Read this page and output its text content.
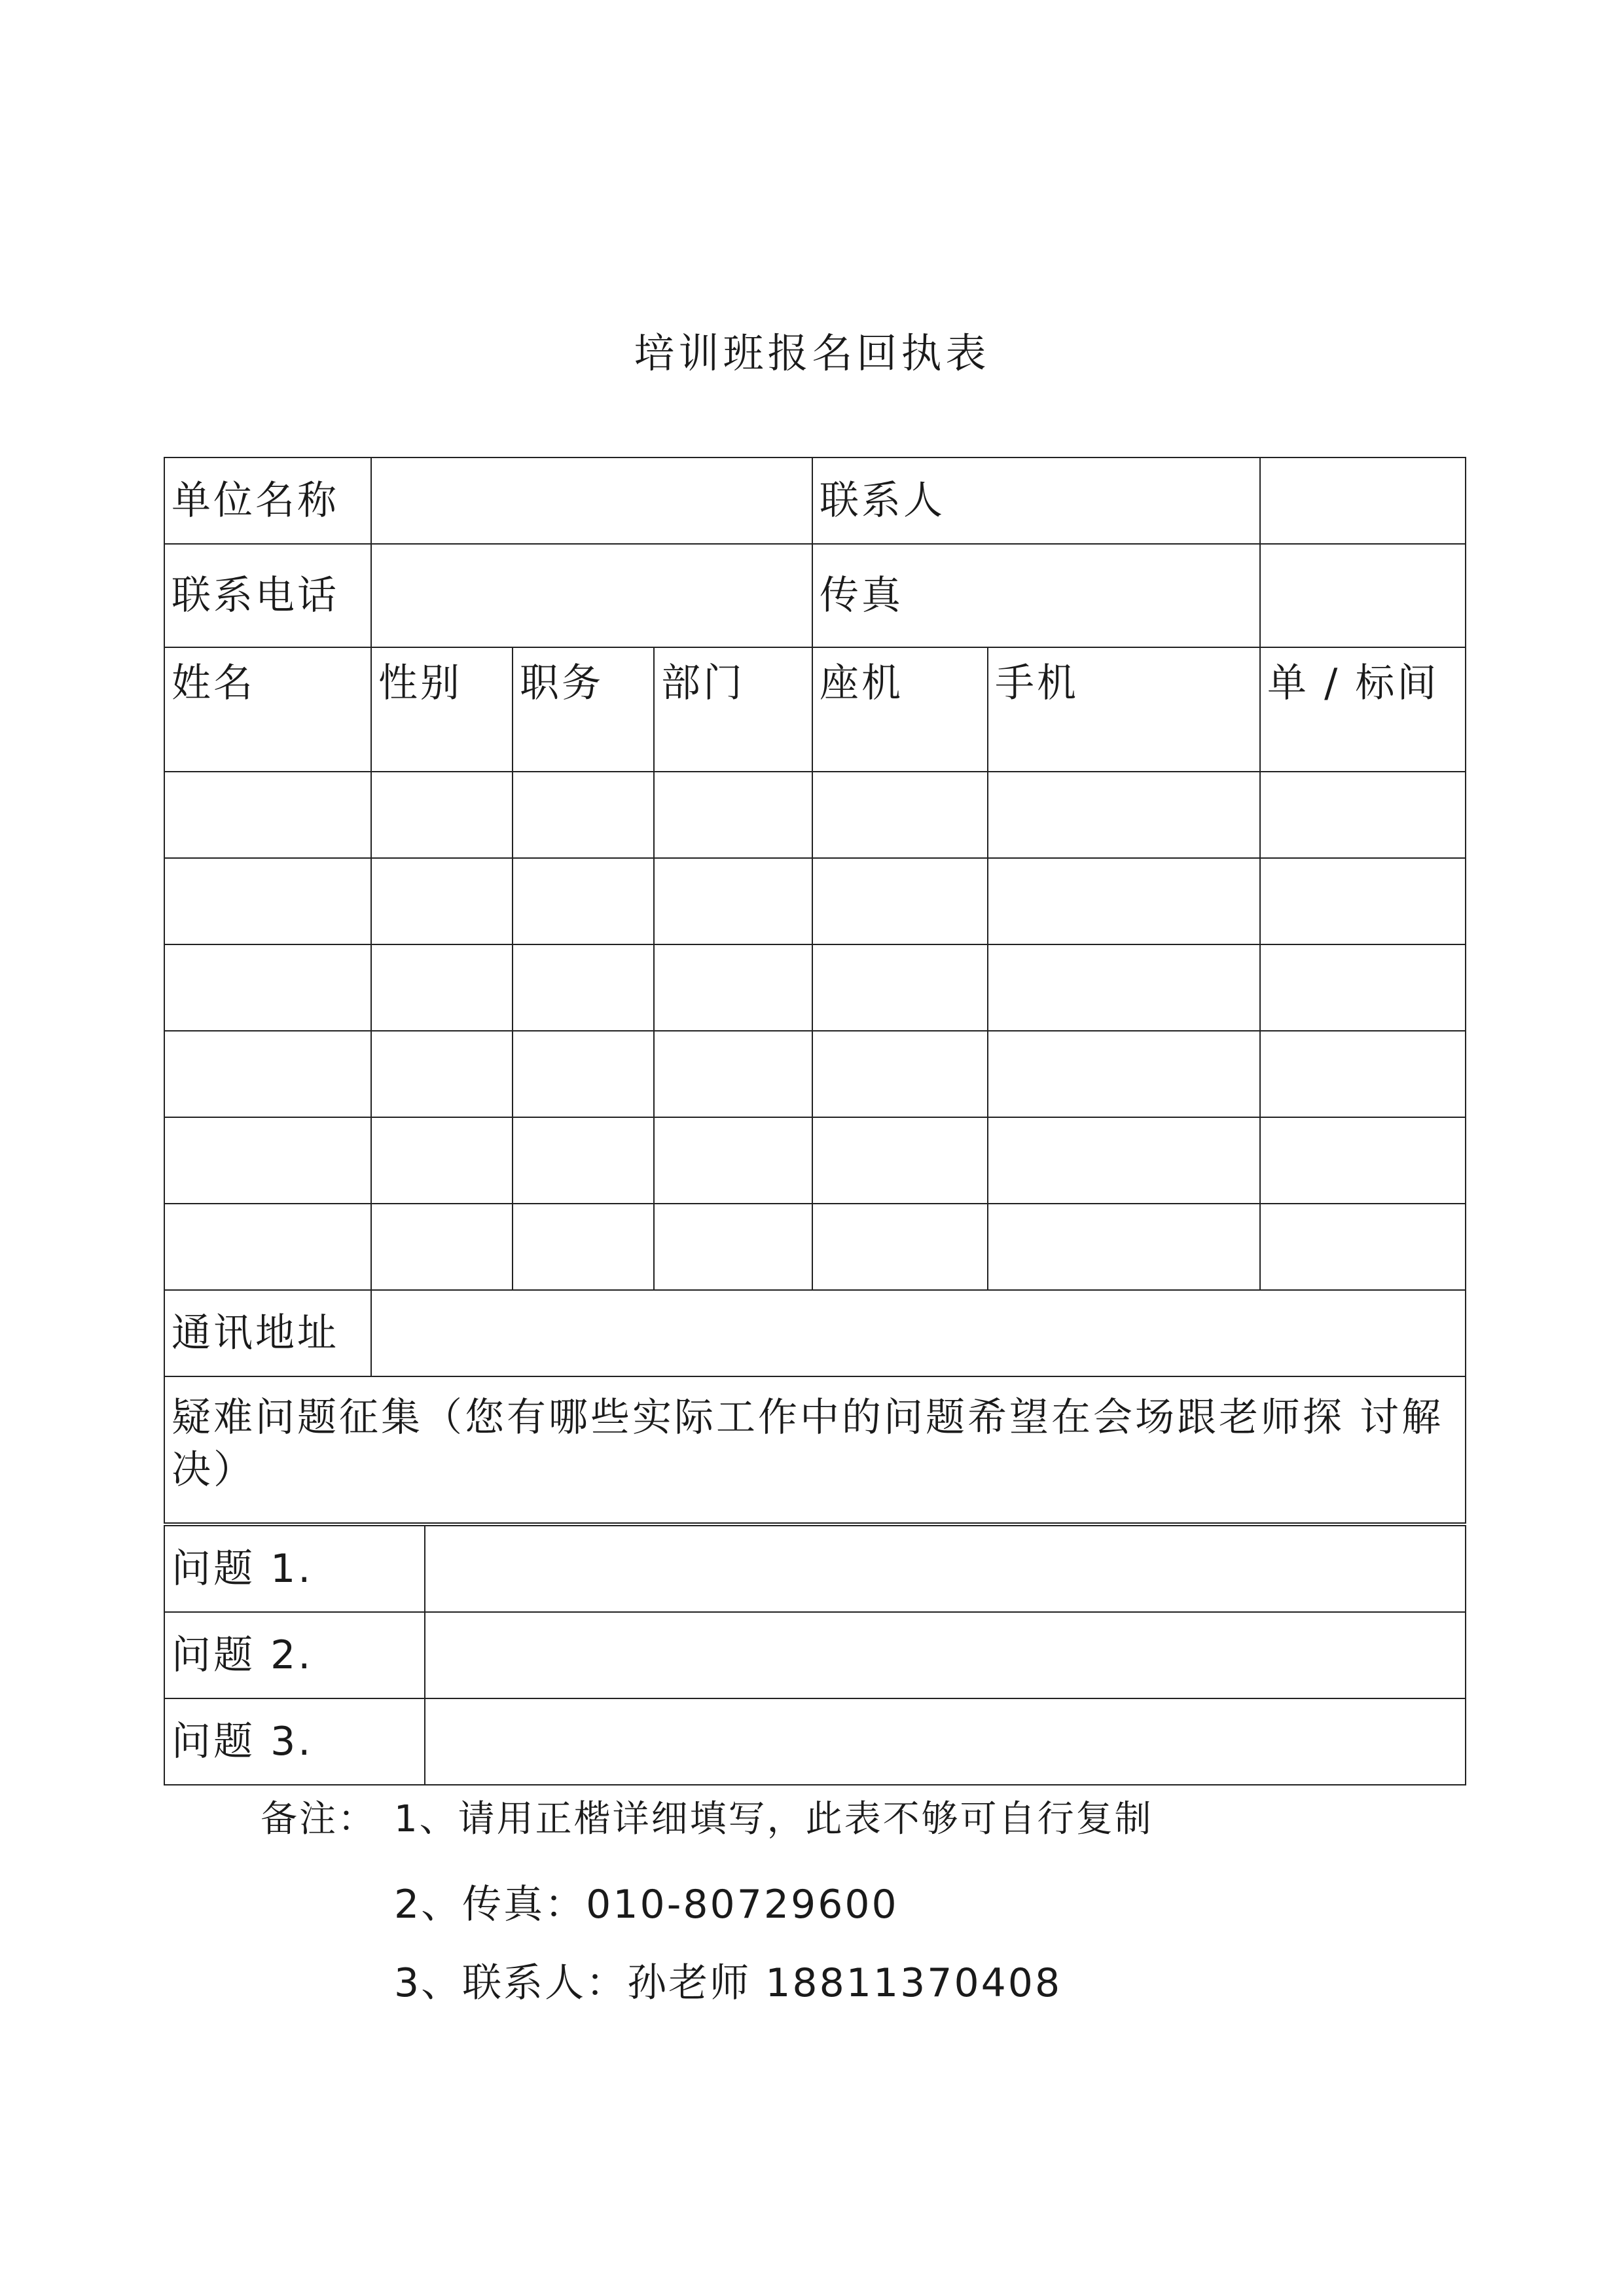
培训班报名回执表
单位名称				联系人		
联系电话				传真		
姓名	性别	职务	部门	座机	手机	单 / 标间

通讯地址						
疑难问题征集（您有哪些实际工作中的问题希望在会场跟老师探 讨解决）						
问题 1.	
问题 2.	
问题 3.	
备注： 1、请用正楷详细填写，此表不够可自行复制
2、传真：010-80729600
3、联系人：孙老师 18811370408
